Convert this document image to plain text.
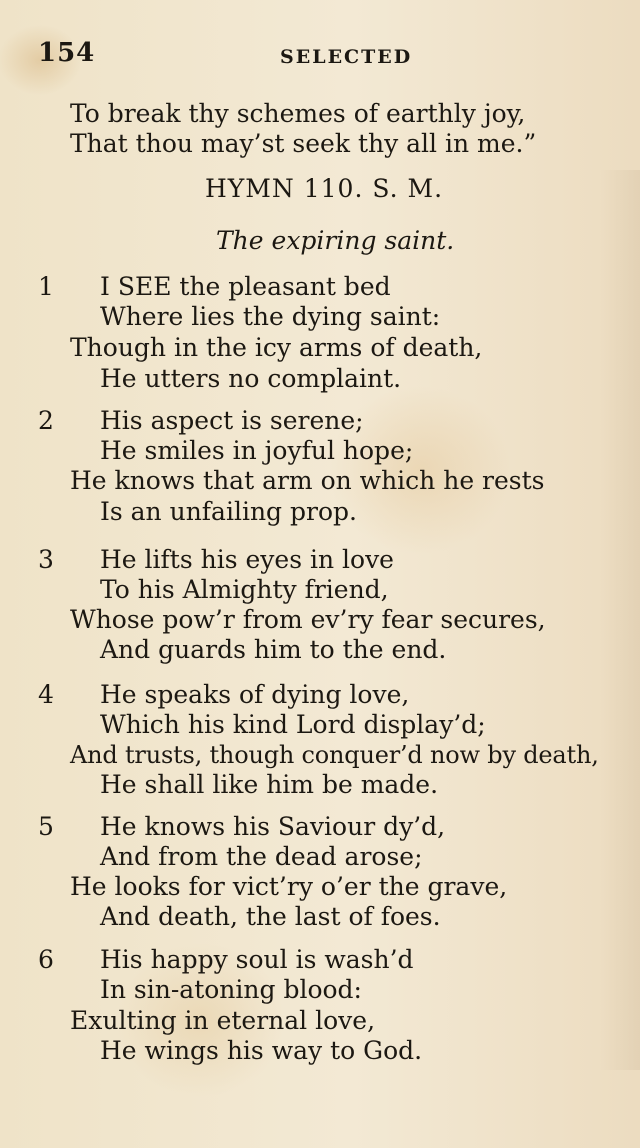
154	SELECTED
To break thy schemes of earthly joy,
That thou may’st seek thy all in me.”
HYMN 110. S. M.
The expiring saint.
1 I SEE the pleasant bed
Where lies the dying saint:
Though in the icy arms of death,
He utters no complaint.
2 His aspect is serene;
He smiles in joyful hope;
He knows that arm on which he rests
Is an unfailing prop.
3 He lifts his eyes in love
To his Almighty friend,
Whose pow’r from ev’ry fear secures,
And guards him to the end.
4 He speaks of dying love,
Which his kind Lord display’d;
And trusts, though conquer’d now by death,
He shall like him be made.
5 He knows his Saviour dy’d,
And from the dead arose;
He looks for vict’ry o’er the grave,
And death, the last of foes.
6 His happy soul is wash’d
In sin-atoning blood:
Exulting in eternal love,
He wings his way to God.
